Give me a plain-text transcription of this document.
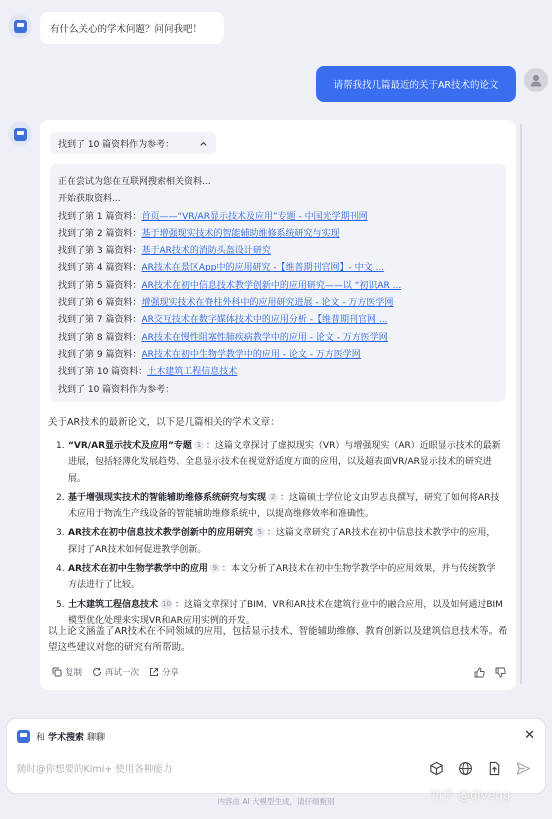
有什么关心的学术问题？问问我吧！
请帮我找几篇最近的关于AR技术的论文
找到了 10 篇资料作为参考：
正在尝试为您在互联网搜索相关资料...
开始获取资料...
找到了第 1 篇资料：首页——“VR/AR显示技术及应用”专题 - 中国光学期刊网
找到了第 2 篇资料：基于增强现实技术的智能辅助维修系统研究与实现
找到了第 3 篇资料：基于AR技术的消防头盔设计研究
找到了第 4 篇资料：AR技术在景区App中的应用研究 -【维普期刊官网】- 中文 ...
找到了第 5 篇资料：AR技术在初中信息技术教学创新中的应用研究——以 “初识AR ...
找到了第 6 篇资料：增强现实技术在脊柱外科中的应用研究进展 - 论文 - 万方医学网
找到了第 7 篇资料：AR交互技术在数字媒体技术中的应用分析 -【维普期刊官网 ...
找到了第 8 篇资料：AR技术在慢性阻塞性肺疾病教学中的应用 - 论文 - 万方医学网
找到了第 9 篇资料：AR技术在初中生物学教学中的应用 - 论文 - 万方医学网
找到了第 10 篇资料：土木建筑工程信息技术
找到了 10 篇资料作为参考：
关于AR技术的最新论文，以下是几篇相关的学术文章：
1. “VR/AR显示技术及应用”专题 1 ：这篇文章探讨了虚拟现实（VR）与增强现实（AR）近眼显示技术的最新进展，包括轻薄化发展趋势、全息显示技术在视觉舒适度方面的应用，以及超表面VR/AR显示技术的研究进展。
2. 基于增强现实技术的智能辅助维修系统研究与实现 2 ：这篇硕士学位论文由罗志良撰写，研究了如何将AR技术应用于物流生产线设备的智能辅助维修系统中，以提高维修效率和准确性。
3. AR技术在初中信息技术教学创新中的应用研究 5 ：这篇文章研究了AR技术在初中信息技术教学中的应用，探讨了AR技术如何促进教学创新。
4. AR技术在初中生物学教学中的应用 9 ：本文分析了AR技术在初中生物学教学中的应用效果，并与传统教学方法进行了比较。
5. 土木建筑工程信息技术 10 ：这篇文章探讨了BIM、VR和AR技术在建筑行业中的融合应用，以及如何通过BIM模型优化处理来实现VR和AR应用实例的开发。
以上论文涵盖了AR技术在不同领域的应用，包括显示技术、智能辅助维修、教育创新以及建筑信息技术等。希望这些建议对您的研究有所帮助。
复制	再试一次	分享
和 学术搜索 聊聊	✕
随时@你想要的Kimi+ 使用各种能力
内容由 AI 大模型生成，请仔细甄别	知乎 @diveng
